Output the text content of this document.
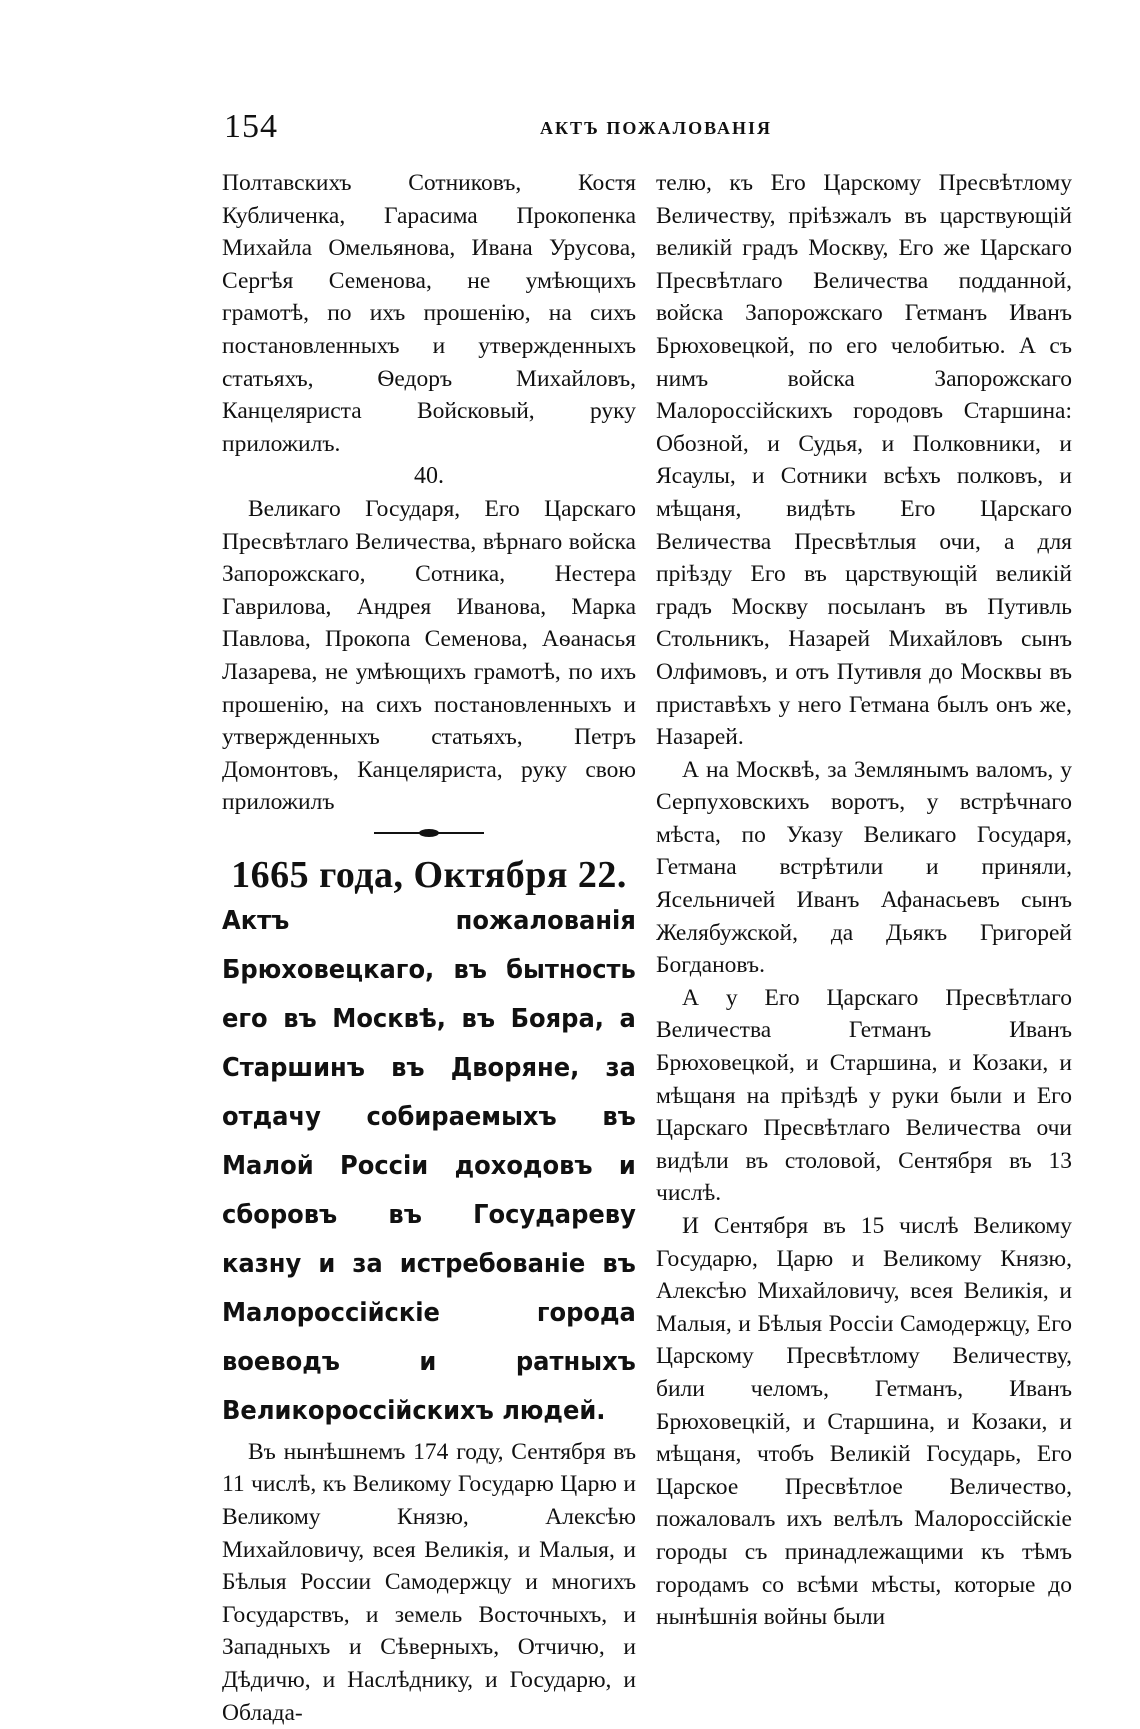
154	АКТЪ ПОЖАЛОВАНІЯ

Полтавскихъ Сотниковъ, Костя Кубличенка, Гарасима Прокопенка Михайла Омельянова, Ивана Урусова, Сергѣя Семенова, не умѣющихъ грамотѣ, по ихъ прошенію, на сихъ постановленныхъ и утвержденныхъ статьяхъ, Ѳедоръ Михайловъ, Канцеляриста Войсковый, руку приложилъ.

40.

Великаго Государя, Его Царскаго Пресвѣтлаго Величества, вѣрнаго войска Запорожскаго, Сотника, Нестера Гаврилова, Андрея Иванова, Марка Павлова, Прокопа Семенова, Аѳанасья Лазарева, не умѣющихъ грамотѣ, по ихъ прошенію, на сихъ постановленныхъ и утвержденныхъ статьяхъ, Петръ Домонтовъ, Канцеляриста, руку свою приложилъ

1665 года, Октября 22.

Актъ пожалованія Брюховецкаго, въ бытность его въ Москвѣ, въ Бояра, а Старшинъ въ Дворяне, за отдачу собираемыхъ въ Малой Россіи доходовъ и сборовъ въ Государеву казну и за истребованіе въ Малороссійскіе города воеводъ и ратныхъ Великороссійскихъ людей.

Въ нынѣшнемъ 174 году, Сентября въ 11 числѣ, къ Великому Государю Царю и Великому Князю, Алексѣю Михайловичу, всея Великія, и Малыя, и Бѣлыя России Самодержцу и многихъ Государствъ, и земель Восточныхъ, и Западныхъ и Сѣверныхъ, Отчичю, и Дѣдичю, и Наслѣднику, и Государю, и Облада-

телю, къ Его Царскому Пресвѣтлому Величеству, пріѣзжалъ въ царствующій великій градъ Москву, Его же Царскаго Пресвѣтлаго Величества подданной, войска Запорожскаго Гетманъ Иванъ Брюховецкой, по его челобитью. А съ нимъ войска Запорожскаго Малороссійскихъ городовъ Старшина: Обозной, и Судья, и Полковники, и Ясаулы, и Сотники всѣхъ полковъ, и мѣщаня, видѣть Его Царскаго Величества Пресвѣтлыя очи, а для пріѣзду Его въ царствующій великій градъ Москву посыланъ въ Путивль Стольникъ, Назарей Михайловъ сынъ Олфимовъ, и отъ Путивля до Москвы въ приставѣхъ у него Гетмана былъ онъ же, Назарей.

А на Москвѣ, за Землянымъ валомъ, у Серпуховскихъ воротъ, у встрѣчнаго мѣста, по Указу Великаго Государя, Гетмана встрѣтили и приняли, Ясельничей Иванъ Афанасьевъ сынъ Желябужской, да Дьякъ Григорей Богдановъ.

А у Его Царскаго Пресвѣтлаго Величества Гетманъ Иванъ Брюховецкой, и Старшина, и Козаки, и мѣщаня на пріѣздѣ у руки были и Его Царскаго Пресвѣтлаго Величества очи видѣли въ столовой, Сентября въ 13 числѣ.

И Сентября въ 15 числѣ Великому Государю, Царю и Великому Князю, Алексѣю Михайловичу, всея Великія, и Малыя, и Бѣлыя Россіи Самодержцу, Его Царскому Пресвѣтлому Величеству, били челомъ, Гетманъ, Иванъ Брюховецкій, и Старшина, и Козаки, и мѣщаня, чтобъ Великій Государь, Его Царское Пресвѣтлое Величество, пожаловалъ ихъ велѣлъ Малороссійскіе городы съ принадлежащими къ тѣмъ городамъ со всѣми мѣсты, которые до нынѣшнія войны были
